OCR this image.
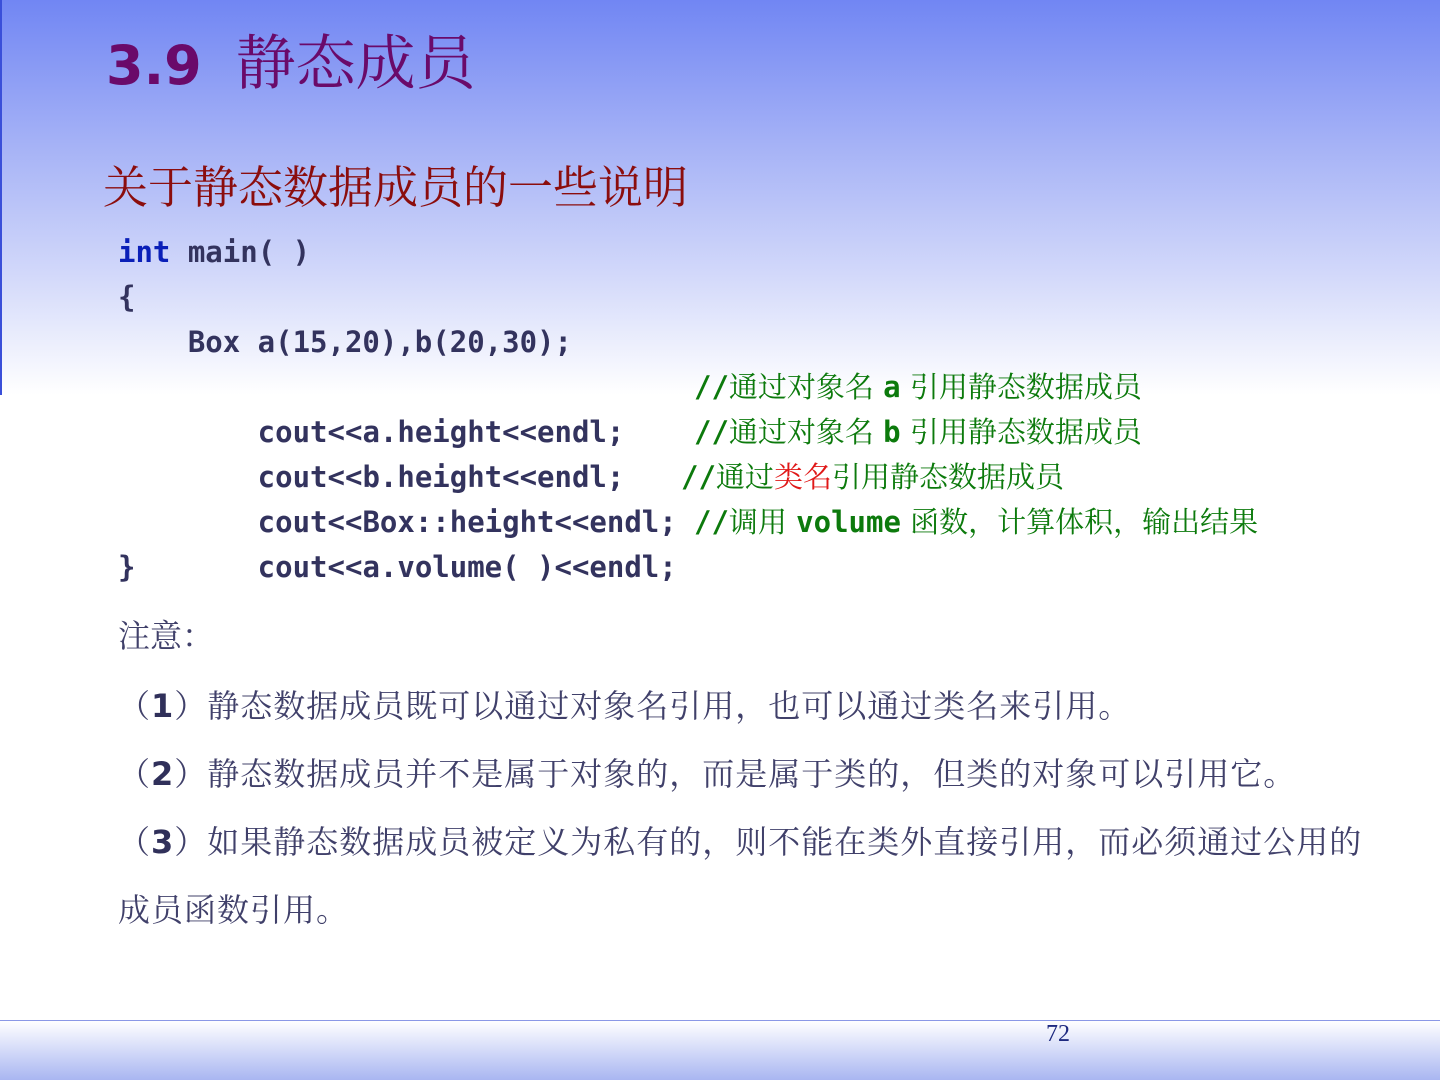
3.9 静态成员
关于静态数据成员的一些说明
int main( )
{
Box a(15,20),b(20,30);

cout<<a.height<<endl;

//通过对象名 a 引用静态数据成员

cout<<b.height<<endl;

//通过对象名 b 引用静态数据成员

cout<<Box::height<<endl;

//通过类名引用静态数据成员

cout<<a.volume( )<<endl;

//调用 volume 函数，计算体积，输出结果

}
注意：

（1）静态数据成员既可以通过对象名引用，也可以通过类名来引用。

（2）静态数据成员并不是属于对象的，而是属于类的，但类的对象可以引用它。

（3）如果静态数据成员被定义为私有的，则不能在类外直接引用，而必须通过公用的成员函数引用。

72
